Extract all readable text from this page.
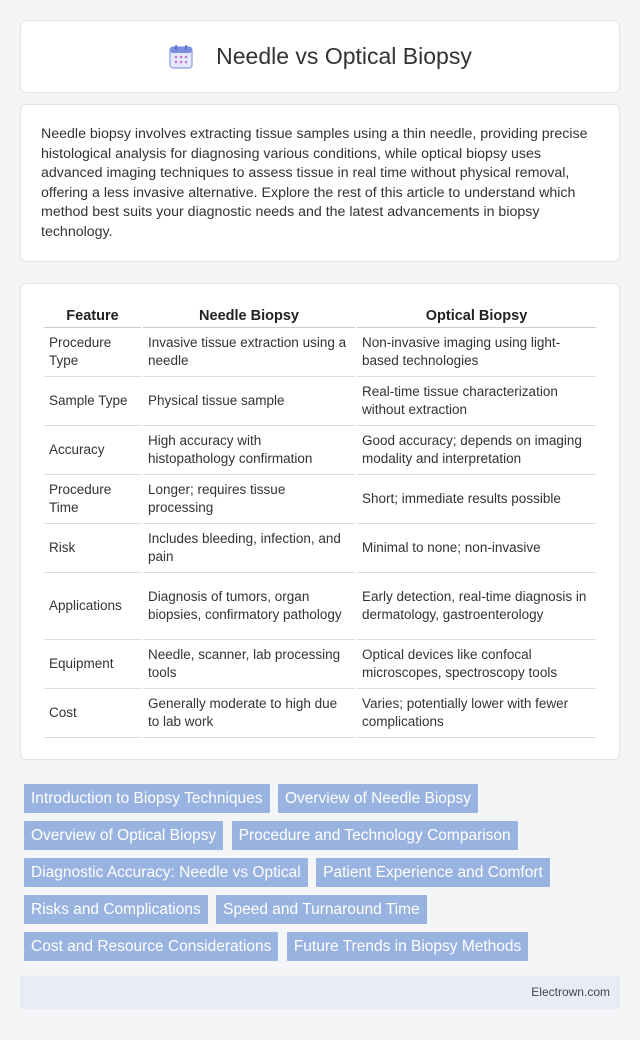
Needle vs Optical Biopsy

Needle biopsy involves extracting tissue samples using a thin needle, providing precise histological analysis for diagnosing various conditions, while optical biopsy uses advanced imaging techniques to assess tissue in real time without physical removal, offering a less invasive alternative. Explore the rest of this article to understand which method best suits your diagnostic needs and the latest advancements in biopsy technology.

Feature	Needle Biopsy	Optical Biopsy
Procedure Type	Invasive tissue extraction using a needle	Non-invasive imaging using light-based technologies
Sample Type	Physical tissue sample	Real-time tissue characterization without extraction
Accuracy	High accuracy with histopathology confirmation	Good accuracy; depends on imaging modality and interpretation
Procedure Time	Longer; requires tissue processing	Short; immediate results possible
Risk	Includes bleeding, infection, and pain	Minimal to none; non-invasive
Applications	Diagnosis of tumors, organ biopsies, confirmatory pathology	Early detection, real-time diagnosis in dermatology, gastroenterology
Equipment	Needle, scanner, lab processing tools	Optical devices like confocal microscopes, spectroscopy tools
Cost	Generally moderate to high due to lab work	Varies; potentially lower with fewer complications
Introduction to Biopsy Techniques Overview of Needle Biopsy Overview of Optical Biopsy Procedure and Technology Comparison Diagnostic Accuracy: Needle vs Optical Patient Experience and Comfort Risks and Complications Speed and Turnaround Time Cost and Resource Considerations Future Trends in Biopsy Methods
Electrown.com
